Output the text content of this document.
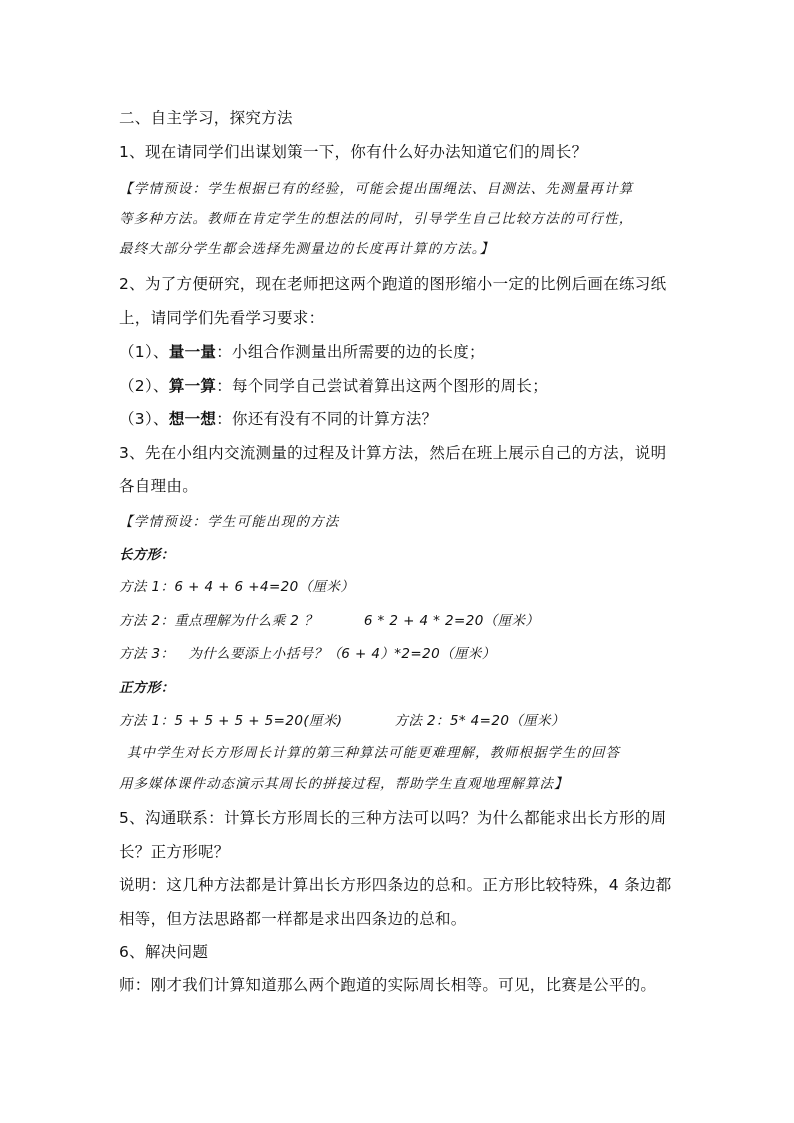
二、自主学习，探究方法
1、现在请同学们出谋划策一下，你有什么好办法知道它们的周长？
【学情预设：学生根据已有的经验，可能会提出围绳法、目测法、先测量再计算
等多种方法。教师在肯定学生的想法的同时，引导学生自己比较方法的可行性，
最终大部分学生都会选择先测量边的长度再计算的方法。】
2、为了方便研究，现在老师把这两个跑道的图形缩小一定的比例后画在练习纸
上，请同学们先看学习要求：
（1）、量一量：小组合作测量出所需要的边的长度；
（2）、算一算：每个同学自己尝试着算出这两个图形的周长；
（3）、想一想：你还有没有不同的计算方法？
3、先在小组内交流测量的过程及计算方法，然后在班上展示自己的方法，说明
各自理由。
【学情预设：学生可能出现的方法
长方形：
方法 1：6 + 4 + 6 +4=20（厘米）
方法 2：重点理解为什么乘 2 ？	6 * 2 + 4 * 2=20（厘米）
方法 3： 为什么要添上小括号？（6 + 4）*2=20（厘米）
正方形：
方法 1：5 + 5 + 5 + 5=20(厘米)	方法 2：5* 4=20（厘米）
其中学生对长方形周长计算的第三种算法可能更难理解，教师根据学生的回答
用多媒体课件动态演示其周长的拼接过程，帮助学生直观地理解算法】
5、沟通联系：计算长方形周长的三种方法可以吗？为什么都能求出长方形的周
长？正方形呢？
说明：这几种方法都是计算出长方形四条边的总和。正方形比较特殊，4 条边都
相等，但方法思路都一样都是求出四条边的总和。
6、解决问题
师：刚才我们计算知道那么两个跑道的实际周长相等。可见，比赛是公平的。
